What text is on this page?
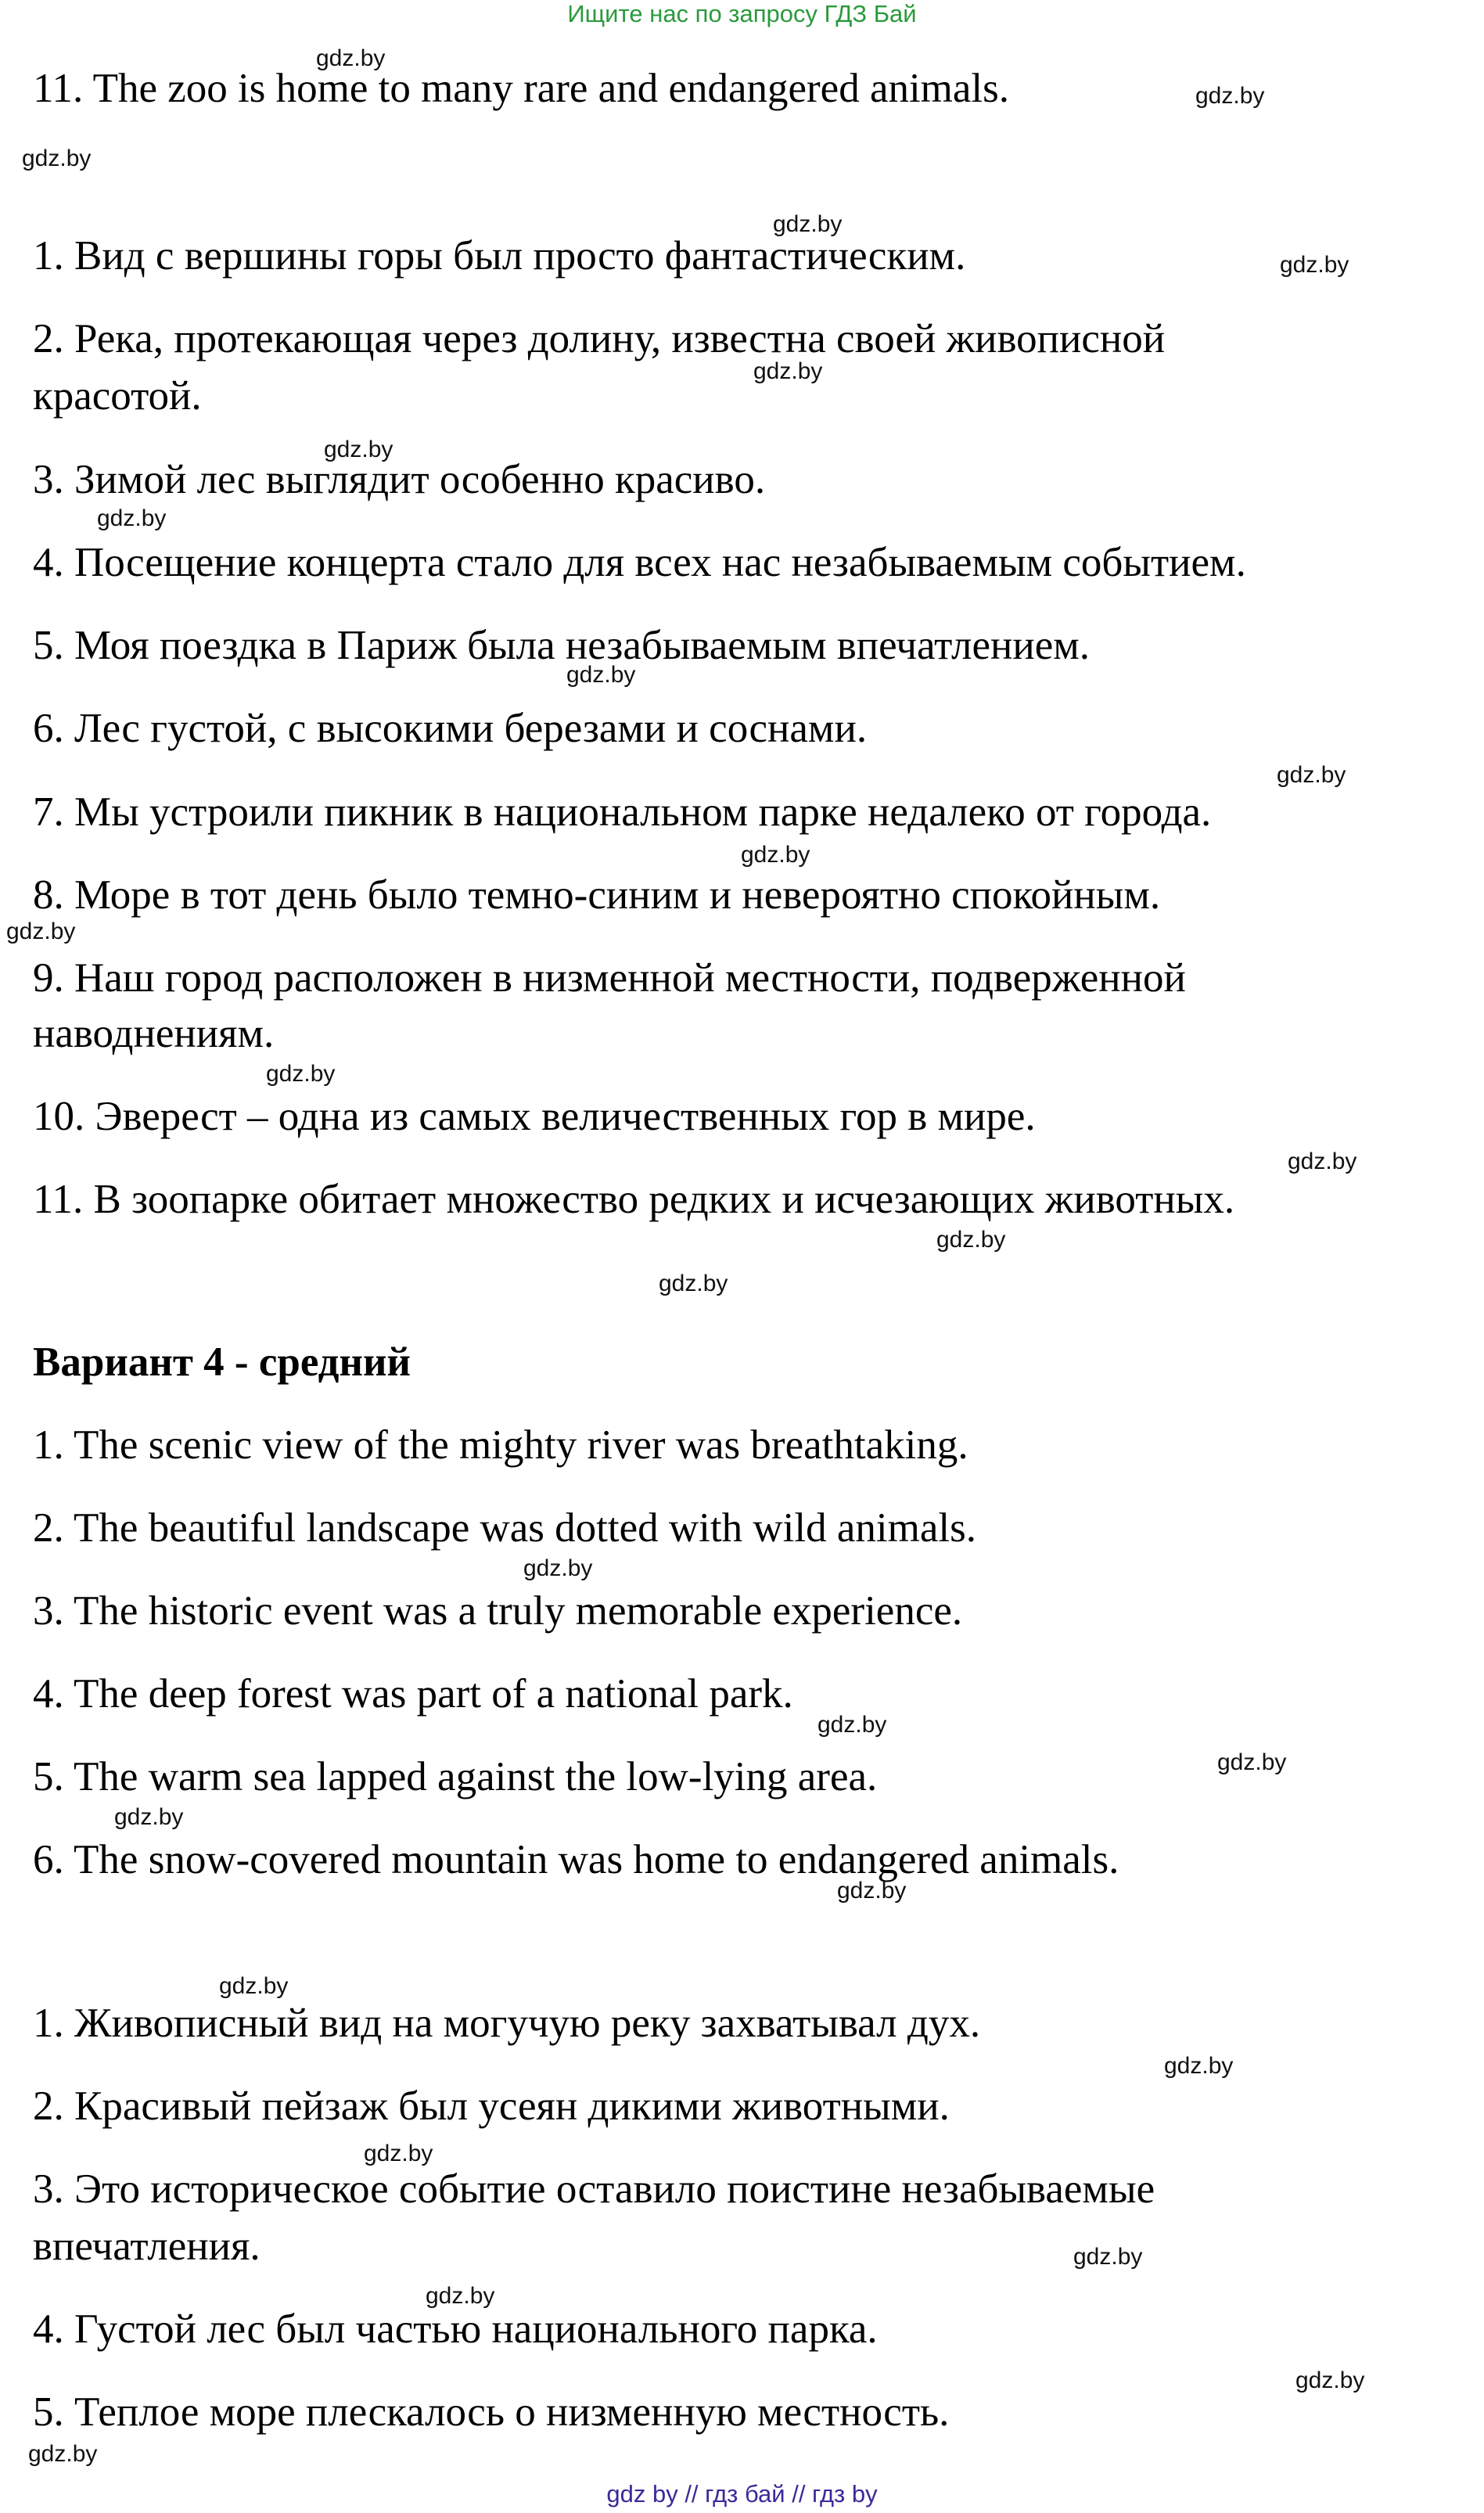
Ищите нас по запросу ГДЗ Бай
11. The zoo is home to many rare and endangered animals.
1. Вид с вершины горы был просто фантастическим.
2. Река, протекающая через долину, известна своей живописной
красотой.
3. Зимой лес выглядит особенно красиво.
4. Посещение концерта стало для всех нас незабываемым событием.
5. Моя поездка в Париж была незабываемым впечатлением.
6. Лес густой, с высокими березами и соснами.
7. Мы устроили пикник в национальном парке недалеко от города.
8. Море в тот день было темно-синим и невероятно спокойным.
9. Наш город расположен в низменной местности, подверженной
наводнениям.
10. Эверест – одна из самых величественных гор в мире.
11. В зоопарке обитает множество редких и исчезающих животных.
Вариант 4 - средний
1. The scenic view of the mighty river was breathtaking.
2. The beautiful landscape was dotted with wild animals.
3. The historic event was a truly memorable experience.
4. The deep forest was part of a national park.
5. The warm sea lapped against the low-lying area.
6. The snow-covered mountain was home to endangered animals.
1. Живописный вид на могучую реку захватывал дух.
2. Красивый пейзаж был усеян дикими животными.
3. Это историческое событие оставило поистине незабываемые
впечатления.
4. Густой лес был частью национального парка.
5. Теплое море плескалось о низменную местность.
gdz.by
gdz.by
gdz.by
gdz.by
gdz.by
gdz.by
gdz.by
gdz.by
gdz.by
gdz.by
gdz.by
gdz.by
gdz.by
gdz.by
gdz.by
gdz.by
gdz.by
gdz.by
gdz.by
gdz.by
gdz.by
gdz.by
gdz.by
gdz.by
gdz.by
gdz.by
gdz.by
gdz.by
gdz by // гдз бай // гдз by
